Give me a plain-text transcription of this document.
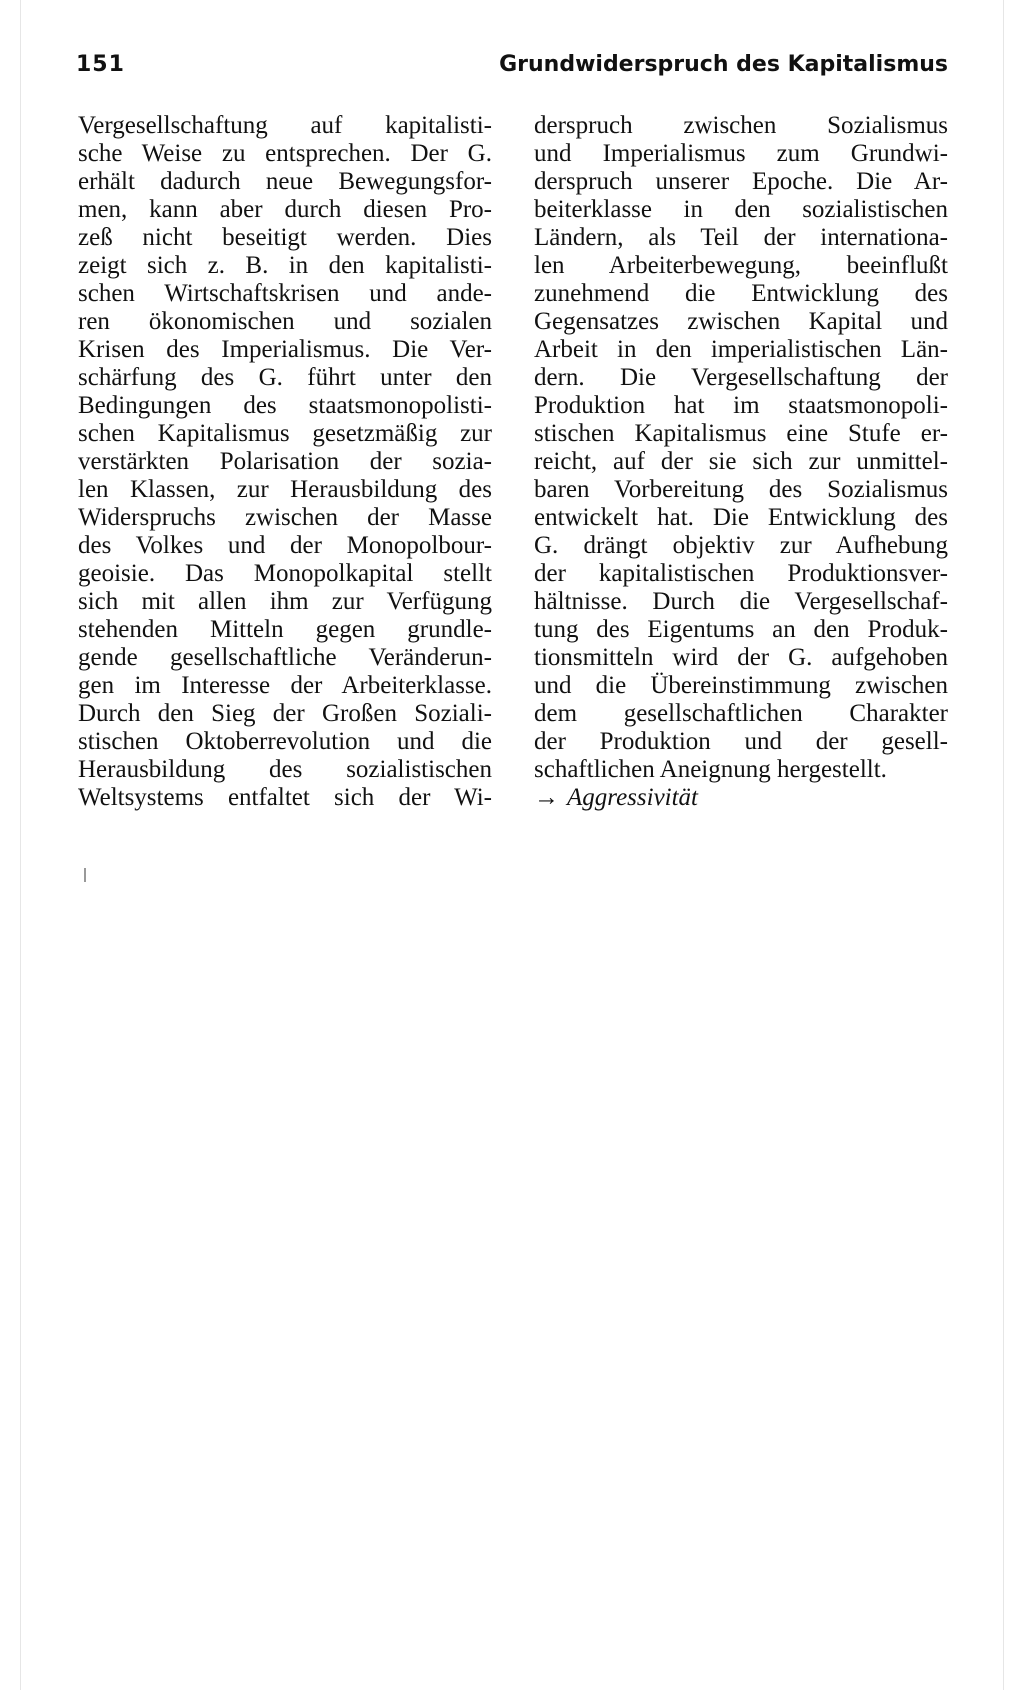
151	Grundwiderspruch des Kapitalismus
Vergesellschaftung auf kapitalisti-
sche Weise zu entsprechen. Der G.
erhält dadurch neue Bewegungsfor-
men, kann aber durch diesen Pro-
zeß nicht beseitigt werden. Dies
zeigt sich z. B. in den kapitalisti-
schen Wirtschaftskrisen und ande-
ren ökonomischen und sozialen
Krisen des Imperialismus. Die Ver-
schärfung des G. führt unter den
Bedingungen des staatsmonopolisti-
schen Kapitalismus gesetzmäßig zur
verstärkten Polarisation der sozia-
len Klassen, zur Herausbildung des
Widerspruchs zwischen der Masse
des Volkes und der Monopolbour-
geoisie. Das Monopolkapital stellt
sich mit allen ihm zur Verfügung
stehenden Mitteln gegen grundle-
gende gesellschaftliche Veränderun-
gen im Interesse der Arbeiterklasse.
Durch den Sieg der Großen Soziali-
stischen Oktoberrevolution und die
Herausbildung des sozialistischen
Weltsystems entfaltet sich der Wi-
derspruch zwischen Sozialismus
und Imperialismus zum Grundwi-
derspruch unserer Epoche. Die Ar-
beiterklasse in den sozialistischen
Ländern, als Teil der internationa-
len Arbeiterbewegung, beeinflußt
zunehmend die Entwicklung des
Gegensatzes zwischen Kapital und
Arbeit in den imperialistischen Län-
dern. Die Vergesellschaftung der
Produktion hat im staatsmonopoli-
stischen Kapitalismus eine Stufe er-
reicht, auf der sie sich zur unmittel-
baren Vorbereitung des Sozialismus
entwickelt hat. Die Entwicklung des
G. drängt objektiv zur Aufhebung
der kapitalistischen Produktionsver-
hältnisse. Durch die Vergesellschaf-
tung des Eigentums an den Produk-
tionsmitteln wird der G. aufgehoben
und die Übereinstimmung zwischen
dem gesellschaftlichen Charakter
der Produktion und der gesell-
schaftlichen Aneignung hergestellt.
→ Aggressivität
